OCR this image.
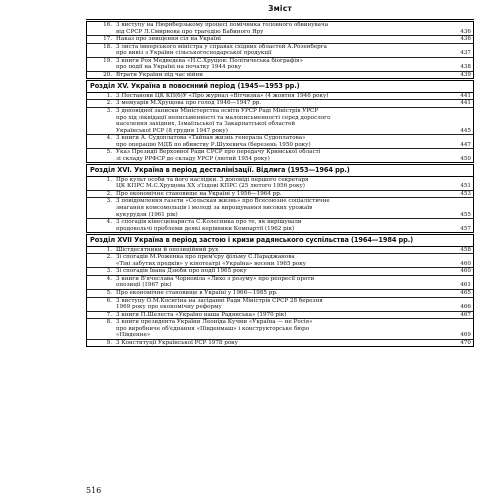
Зміст
16. 3 виступу на Нюрнберзькому процесі помічника головного обвинувача
від СРСР Л.Смирнова про трагедію Бабиного Яру	436
17. Наказ про знищення сіл на Україні	436
18. 3 листа імперського міністра у справах східних областей А.Розенберга
про вивіз з України сільськогосподарської продукції	437
19. 3 книги Роя Медведєва «Н.С.Хрущов: Політичеська біографія»
про події на Україні на початку 1944 року	438
20. Втрати України під час війни	439
Розділ XV. Україна в повоєнний період (1945—1953 рр.)
1. 3 Постанови ЦК КП(б)У «Про журнал «Вітчизна» (4 жовтня 1946 року)	441
2. 3 мемуарів М.Хрущова про голод 1946—1947 рр.	441
3. 3 доповідної записки Міністерства освіти УРСР Раді Міністрів УРСР
про хід ліквідації неписьменності та малописьменності серед дорослого
населення західних, Ізмаїльської та Закарпатської областей
Української РСР (8 грудня 1947 року)	445
4. 3 книги А. Судоплатова «Тайная жизнь генерала Судоплатова»
про операцію МДБ по вбивству Р.Шухевича (березень 1950 року)	447
5. Указ Президії Верховної Ради СРСР про передачу Кримської області
зі складу РРФСР до складу УРСР (лютий 1954 року)	450
Розділ XVI. Україна в період десталінізації. Відлига (1953—1964 рр.)
1. Про культ особи та його наслідки. 3 доповіді першого секретаря
ЦК КПРС М.С.Хрущова XX з'їздові КПРС (25 лютого 1956 року)	451
2. Про економічне становище на Україні у 1956—1964 рр.	453
3. 3 повідомлення газети «Сельская жизнь» про Всесоюзне соціалістичне
змагання комсомольців і молоді за вирощування високих урожаїв
кукурудзи (1961 рік)	455
4. 3 спогадів кінесценариста С.Колесника про те, як вирішували
продовольчі проблеми деякі керівники Компартії (1962 рік)	457
Розділ XVII Україна в період застою і кризи радянського суспільства (1964—1984 рр.)
1. Шістдесятники й опозиційний рух	458
2. Зі спогадів М.Роженка про прем'єру фільму С.Параджанова
«Тіні забутих предків» у кінотеатрі «Україна» восени 1965 року	460
3. Зі спогадів Івана Дзюби про події 1965 року	460
4. 3 книги В'ячеслава Чорновіла «Лихо з розуму» про репресії проти
опозиції (1967 рік)	461
5. Про економічне становище в Україні у 1966—1985 рр.	465
6. 3 виступу О.М.Косигіна на засіданні Ради Міністрів СРСР 28 березня
1969 року про економічну реформу	466
7. 3 книги П.Шелеста «Україно наша Радянська» (1970 рік)	467
8. 3 книги президента України Леоніда Кучми «Україна — не Росія»
про виробниче об'єднання «Південмаш» і конструкторське бюро
«Південне»	469
9. 3 Конституції Української РСР 1978 року	470
516
